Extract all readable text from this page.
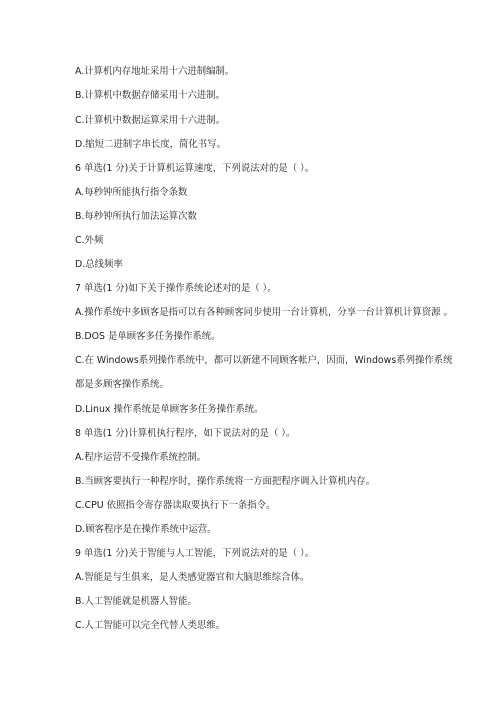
A.计算机内存地址采用十六进制编制。
B.计算机中数据存储采用十六进制。
C.计算机中数据运算采用十六进制。
D.缩短二进制字串长度，简化书写。
6 单选(1 分)关于计算机运算速度，下列说法对的是（ ）。
A.每秒钟所能执行指令条数
B.每秒钟所执行加法运算次数
C.外频
D.总线频率
7 单选(1 分)如下关于操作系统论述对的是（ ）。
A.操作系统中多顾客是指可以有各种顾客同步使用一台计算机，分享一台计算机计算资源 。
B.DOS 是单顾客多任务操作系统。
C.在 Windows系列操作系统中，都可以新建不同顾客帐户，因而，Windows系列操作系统
都是多顾客操作系统。
D.Linux 操作系统是单顾客多任务操作系统。
8 单选(1 分)计算机执行程序，如下说法对的是（ ）。
A.程序运营不受操作系统控制。
B.当顾客要执行一种程序时，操作系统将一方面把程序调入计算机内存。
C.CPU 依照指令寄存器读取要执行下一条指令。
D.顾客程序是在操作系统中运营。
9 单选(1 分)关于智能与人工智能，下列说法对的是（ ）。
A.智能是与生俱来，是人类感觉器官和大脑思维综合体。
B.人工智能就是机器人智能。
C.人工智能可以完全代替人类思维。
